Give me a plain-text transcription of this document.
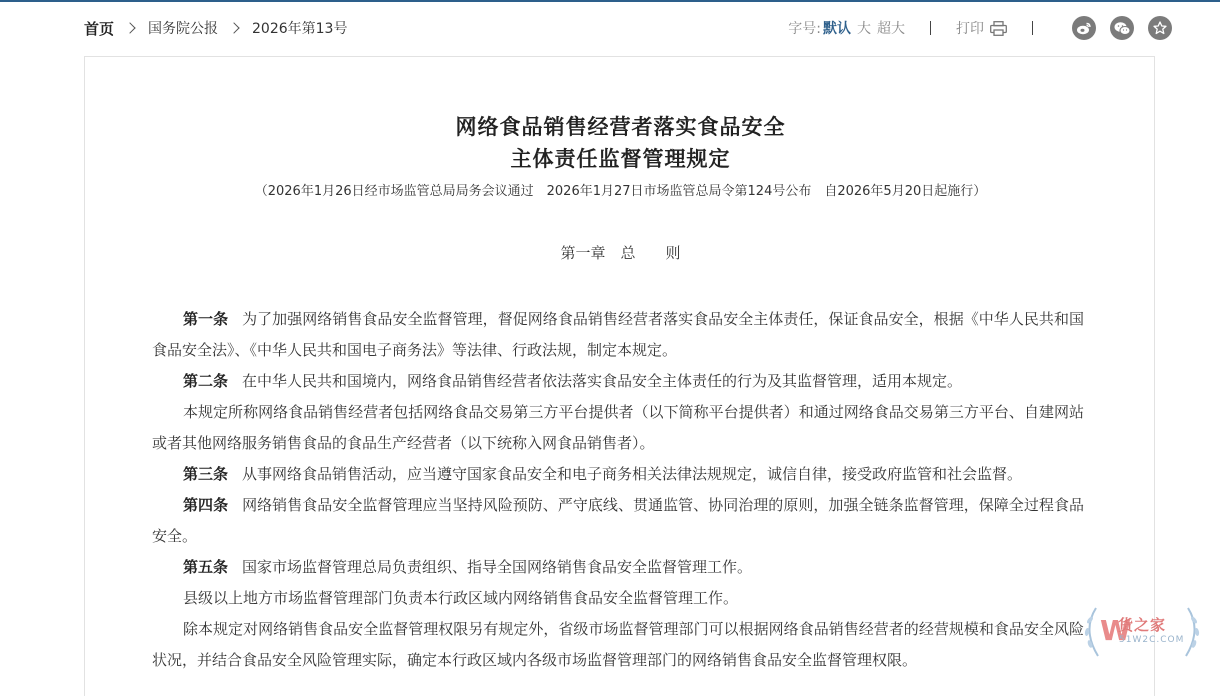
首页 国务院公报 2026年第13号	字号: 默认 大 超大	打印
网络食品销售经营者落实食品安全
主体责任监督管理规定
（2026年1月26日经市场监管总局局务会议通过　2026年1月27日市场监管总局令第124号公布　自2026年5月20日起施行）
第一章　总　　则

第一条 为了加强网络销售食品安全监督管理，督促网络食品销售经营者落实食品安全主体责任，保证食品安全，根据《中华人民共和国食品安全法》、《中华人民共和国电子商务法》等法律、行政法规，制定本规定。

第二条 在中华人民共和国境内，网络食品销售经营者依法落实食品安全主体责任的行为及其监督管理，适用本规定。

本规定所称网络食品销售经营者包括网络食品交易第三方平台提供者（以下简称平台提供者）和通过网络食品交易第三方平台、自建网站或者其他网络服务销售食品的食品生产经营者（以下统称入网食品销售者）。

第三条 从事网络食品销售活动，应当遵守国家食品安全和电子商务相关法律法规规定，诚信自律，接受政府监管和社会监督。

第四条 网络销售食品安全监督管理应当坚持风险预防、严守底线、贯通监管、协同治理的原则，加强全链条监督管理，保障全过程食品安全。

第五条 国家市场监督管理总局负责组织、指导全国网络销售食品安全监督管理工作。

县级以上地方市场监督管理部门负责本行政区域内网络销售食品安全监督管理工作。

除本规定对网络销售食品安全监督管理权限另有规定外，省级市场监督管理部门可以根据网络食品销售经营者的经营规模和食品安全风险状况，并结合食品安全风险管理实际，确定本行政区域内各级市场监督管理部门的网络销售食品安全监督管理权限。

W
货之家
51W2C.COM
